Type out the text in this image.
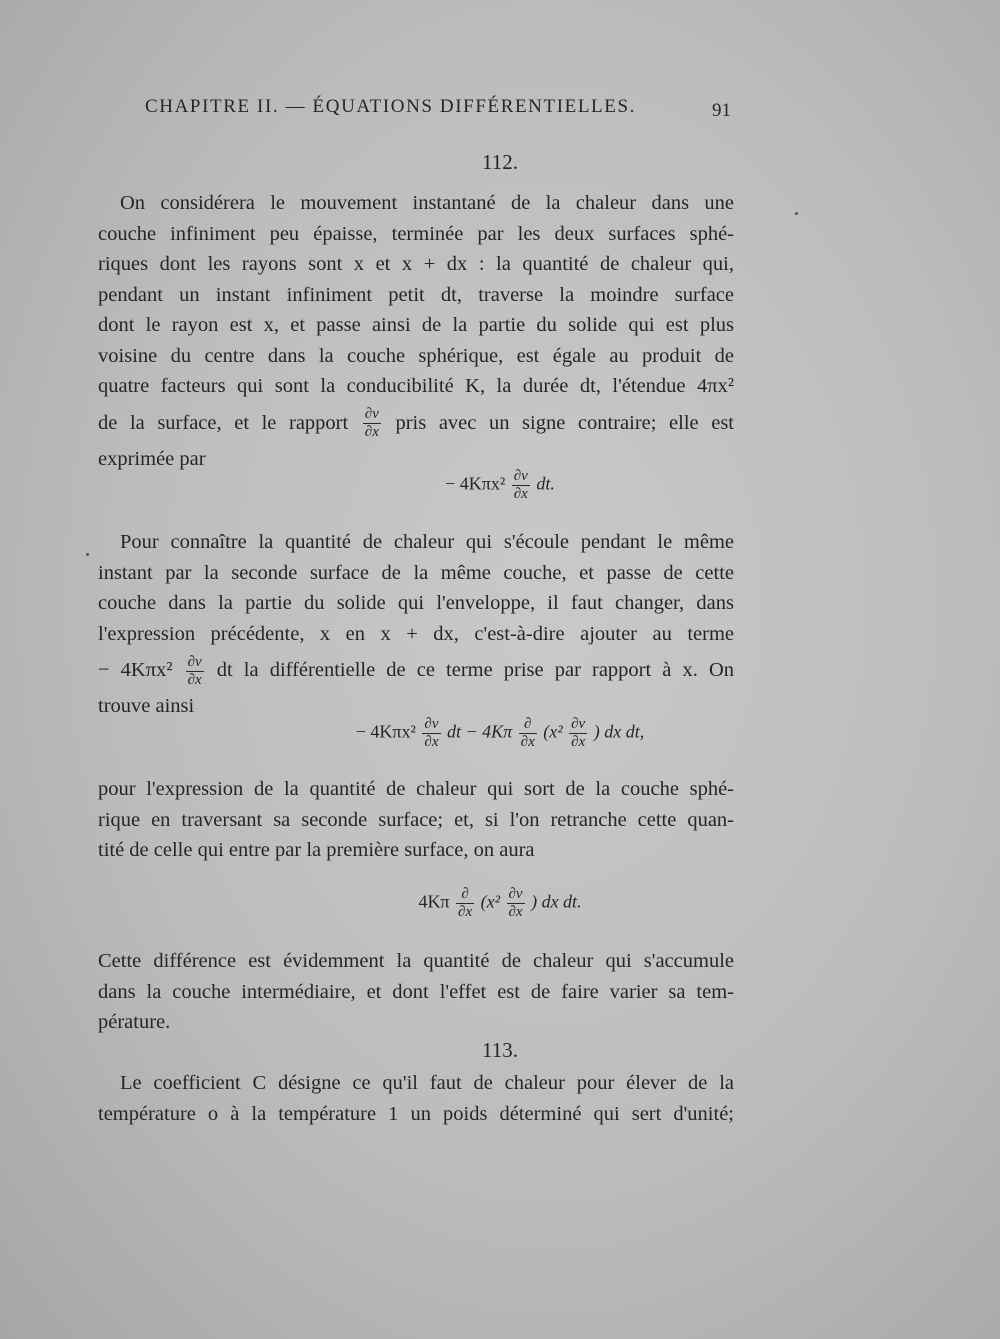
CHAPITRE II. — ÉQUATIONS DIFFÉRENTIELLES.	91
112.
On considérera le mouvement instantané de la chaleur dans une
couche infiniment peu épaisse, terminée par les deux surfaces sphé-
riques dont les rayons sont x et x + dx : la quantité de chaleur qui,
pendant un instant infiniment petit dt, traverse la moindre surface
dont le rayon est x, et passe ainsi de la partie du solide qui est plus
voisine du centre dans la couche sphérique, est égale au produit de
quatre facteurs qui sont la conducibilité K, la durée dt, l'étendue 4πx²
de la surface, et le rapport $\frac{\partial v}{\partial x}$ pris avec un signe contraire; elle est
exprimée par
− $4K\pi x^2 \frac{\partial v}{\partial x}$ dt.
Pour connaître la quantité de chaleur qui s'écoule pendant le même
instant par la seconde surface de la même couche, et passe de cette
couche dans la partie du solide qui l'enveloppe, il faut changer, dans
l'expression précédente, x en x + dx, c'est-à-dire ajouter au terme
− $4K\pi x^2 \frac{\partial v}{\partial x}$ dt la différentielle de ce terme prise par rapport à x. On
trouve ainsi
− $4K\pi x^2 \frac{\partial v}{\partial x}$ dt − $4K\pi \frac{\partial}{\partial x} (x^2 \frac{\partial v}{\partial x}$ ) dx dt,
pour l'expression de la quantité de chaleur qui sort de la couche sphé-
rique en traversant sa seconde surface; et, si l'on retranche cette quan-
tité de celle qui entre par la première surface, on aura
$4K\pi \frac{\partial}{\partial x} (x^2 \frac{\partial v}{\partial x}$ ) dx dt.
Cette différence est évidemment la quantité de chaleur qui s'accumule
dans la couche intermédiaire, et dont l'effet est de faire varier sa tem-
pérature.
113.
Le coefficient C désigne ce qu'il faut de chaleur pour élever de la
température o à la température 1 un poids déterminé qui sert d'unité;
